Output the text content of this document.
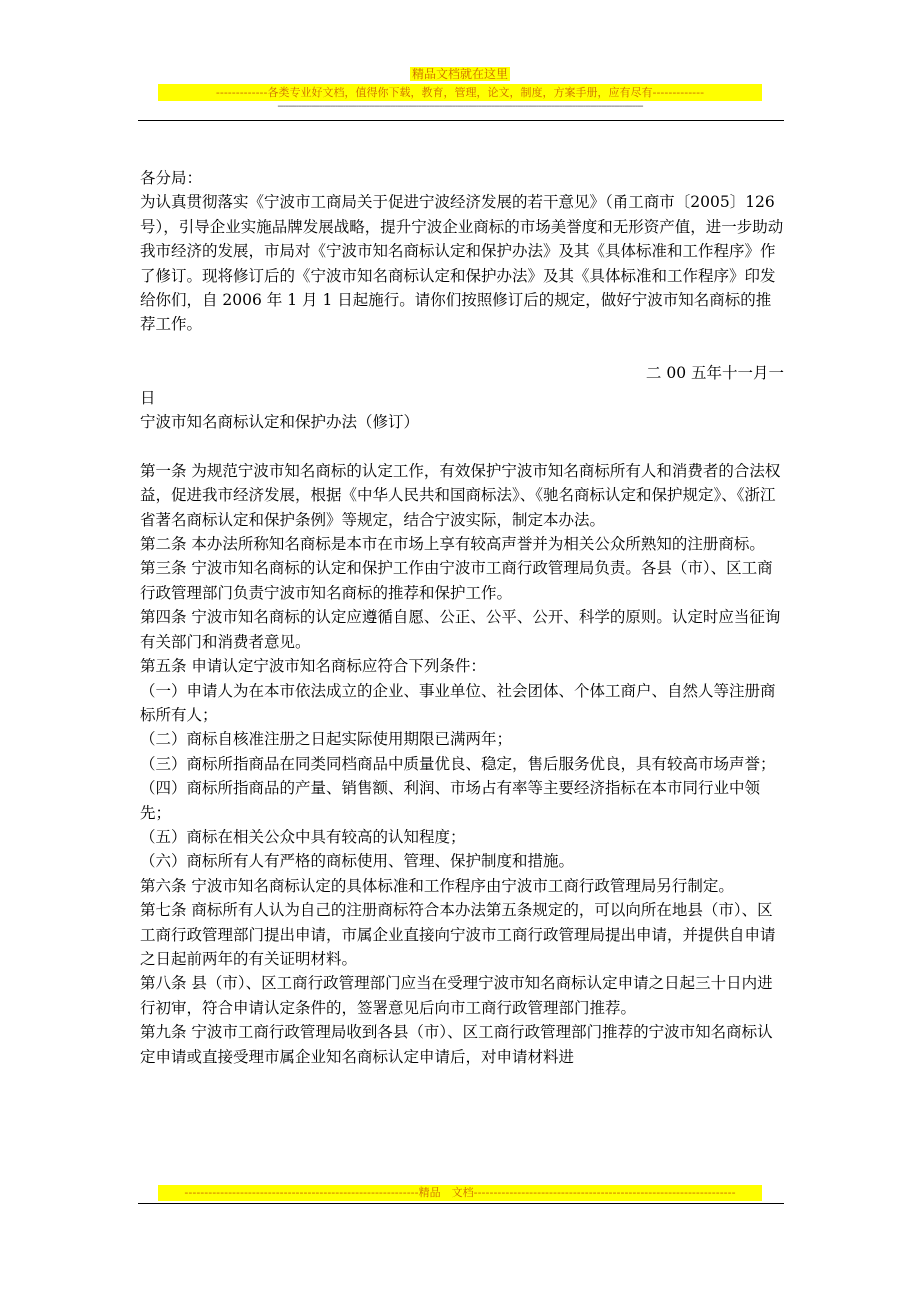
精品文档就在这里
-------------各类专业好文档，值得你下载，教育，管理，论文，制度，方案手册，应有尽有-------------
--------------------------------------------------------------------------------------------------------------------------------------------

各分局：

为认真贯彻落实《宁波市工商局关于促进宁波经济发展的若干意见》（甬工商市〔2005〕126 号），引导企业实施品牌发展战略，提升宁波企业商标的市场美誉度和无形资产值，进一步助动我市经济的发展，市局对《宁波市知名商标认定和保护办法》及其《具体标准和工作程序》作了修订。现将修订后的《宁波市知名商标认定和保护办法》及其《具体标准和工作程序》印发给你们，自 2006 年 1 月 1 日起施行。请你们按照修订后的规定，做好宁波市知名商标的推荐工作。

二 00 五年十一月一

日

宁波市知名商标认定和保护办法（修订）

第一条 为规范宁波市知名商标的认定工作，有效保护宁波市知名商标所有人和消费者的合法权益，促进我市经济发展，根据《中华人民共和国商标法》、《驰名商标认定和保护规定》、《浙江省著名商标认定和保护条例》等规定，结合宁波实际，制定本办法。

第二条 本办法所称知名商标是本市在市场上享有较高声誉并为相关公众所熟知的注册商标。

第三条 宁波市知名商标的认定和保护工作由宁波市工商行政管理局负责。各县（市）、区工商行政管理部门负责宁波市知名商标的推荐和保护工作。

第四条 宁波市知名商标的认定应遵循自愿、公正、公平、公开、科学的原则。认定时应当征询有关部门和消费者意见。

第五条 申请认定宁波市知名商标应符合下列条件：

（一）申请人为在本市依法成立的企业、事业单位、社会团体、个体工商户、自然人等注册商标所有人；

（二）商标自核准注册之日起实际使用期限已满两年；

（三）商标所指商品在同类同档商品中质量优良、稳定，售后服务优良，具有较高市场声誉；

（四）商标所指商品的产量、销售额、利润、市场占有率等主要经济指标在本市同行业中领先；

（五）商标在相关公众中具有较高的认知程度；

（六）商标所有人有严格的商标使用、管理、保护制度和措施。

第六条 宁波市知名商标认定的具体标准和工作程序由宁波市工商行政管理局另行制定。

第七条 商标所有人认为自己的注册商标符合本办法第五条规定的，可以向所在地县（市）、区工商行政管理部门提出申请，市属企业直接向宁波市工商行政管理局提出申请，并提供自申请之日起前两年的有关证明材料。

第八条 县（市）、区工商行政管理部门应当在受理宁波市知名商标认定申请之日起三十日内进行初审，符合申请认定条件的，签署意见后向市工商行政管理部门推荐。

第九条 宁波市工商行政管理局收到各县（市）、区工商行政管理部门推荐的宁波市知名商标认定申请或直接受理市属企业知名商标认定申请后，对申请材料进

-----------------------------------------------------------精品　文档------------------------------------------------------------------
